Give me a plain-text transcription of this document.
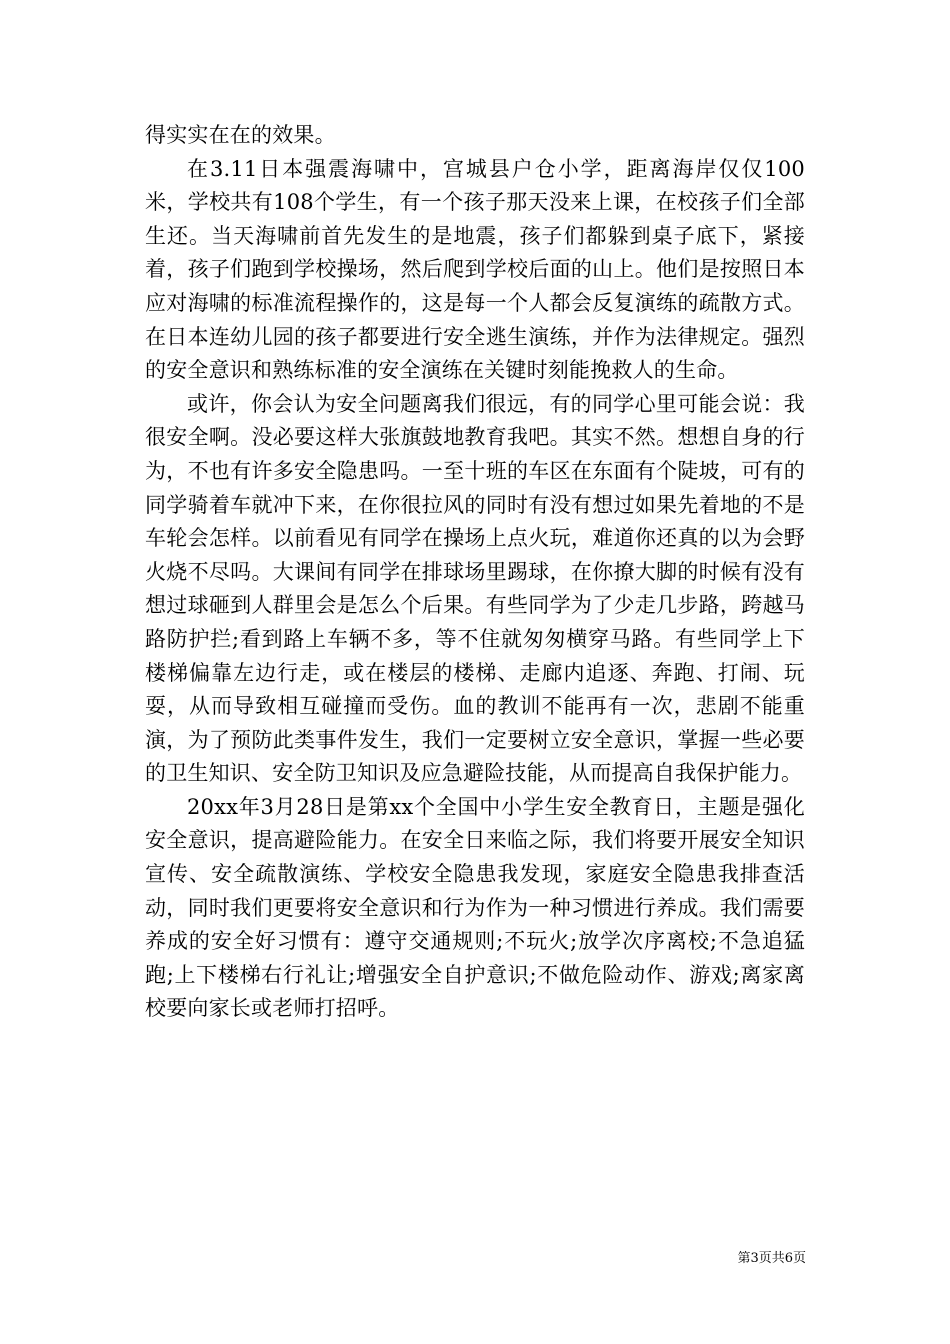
得实实在在的效果。

在3.11日本强震海啸中，宫城县户仓小学，距离海岸仅仅100米，学校共有108个学生，有一个孩子那天没来上课，在校孩子们全部生还。当天海啸前首先发生的是地震，孩子们都躲到桌子底下，紧接着，孩子们跑到学校操场，然后爬到学校后面的山上。他们是按照日本应对海啸的标准流程操作的，这是每一个人都会反复演练的疏散方式。在日本连幼儿园的孩子都要进行安全逃生演练，并作为法律规定。强烈的安全意识和熟练标准的安全演练在关键时刻能挽救人的生命。

或许，你会认为安全问题离我们很远，有的同学心里可能会说：我很安全啊。没必要这样大张旗鼓地教育我吧。其实不然。想想自身的行为，不也有许多安全隐患吗。一至十班的车区在东面有个陡坡，可有的同学骑着车就冲下来，在你很拉风的同时有没有想过如果先着地的不是车轮会怎样。以前看见有同学在操场上点火玩，难道你还真的以为会野火烧不尽吗。大课间有同学在排球场里踢球，在你撩大脚的时候有没有想过球砸到人群里会是怎么个后果。有些同学为了少走几步路，跨越马路防护拦;看到路上车辆不多，等不住就匆匆横穿马路。有些同学上下楼梯偏靠左边行走，或在楼层的楼梯、走廊内追逐、奔跑、打闹、玩耍，从而导致相互碰撞而受伤。血的教训不能再有一次，悲剧不能重演，为了预防此类事件发生，我们一定要树立安全意识，掌握一些必要的卫生知识、安全防卫知识及应急避险技能，从而提高自我保护能力。

20xx年3月28日是第xx个全国中小学生安全教育日，主题是强化安全意识，提高避险能力。在安全日来临之际，我们将要开展安全知识宣传、安全疏散演练、学校安全隐患我发现，家庭安全隐患我排查活动，同时我们更要将安全意识和行为作为一种习惯进行养成。我们需要养成的安全好习惯有：遵守交通规则;不玩火;放学次序离校;不急追猛跑;上下楼梯右行礼让;增强安全自护意识;不做危险动作、游戏;离家离校要向家长或老师打招呼。

第3页共6页
